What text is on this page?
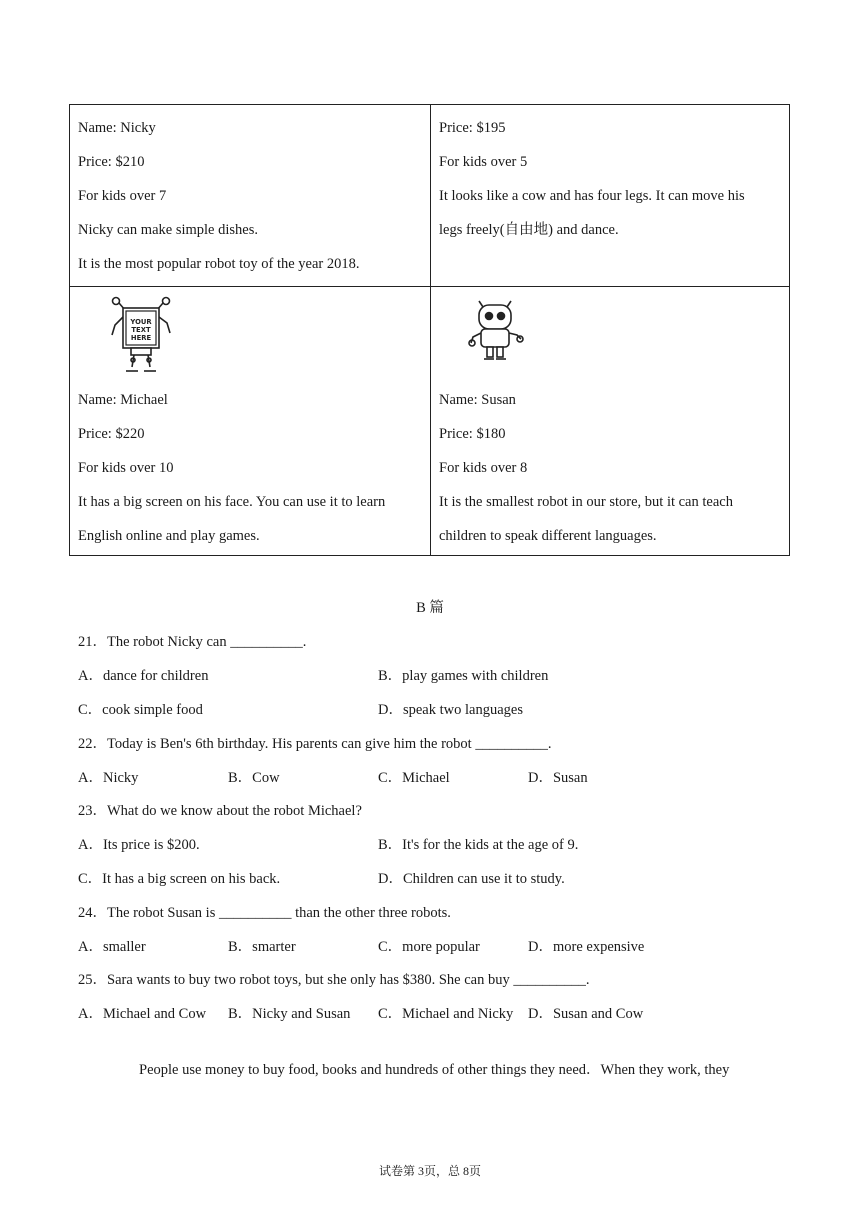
Name: Nicky
Price: $210
For kids over 7
Nicky can make simple dishes.
It is the most popular robot toy of the year 2018.
Price: $195
For kids over 5
It looks like a cow and has four legs. It can move his
legs freely(自由地) and dance.
YOUR
TEXT
HERE
Name: Michael
Price: $220
For kids over 10
It has a big screen on his face. You can use it to learn
English online and play games.
Name: Susan
Price: $180
For kids over 8
It is the smallest robot in our store, but it can teach
children to speak different languages.
B 篇
21．The robot Nicky can __________.
A．dance for children	B．play games with children
C．cook simple food	D．speak two languages
22．Today is Ben's 6th birthday. His parents can give him the robot __________.
A．Nicky	B．Cow	C．Michael	D．Susan
23．What do we know about the robot Michael?
A．Its price is $200.	B．It's for the kids at the age of 9.
C．It has a big screen on his back.	D．Children can use it to study.
24．The robot Susan is __________ than the other three robots.
A．smaller	B．smarter	C．more popular	D．more expensive
25．Sara wants to buy two robot toys, but she only has $380. She can buy __________.
A．Michael and Cow B．Nicky and Susan C．Michael and Nicky D．Susan and Cow
People use money to buy food, books and hundreds of other things they need．When they work, they
试卷第 3页，总 8页
